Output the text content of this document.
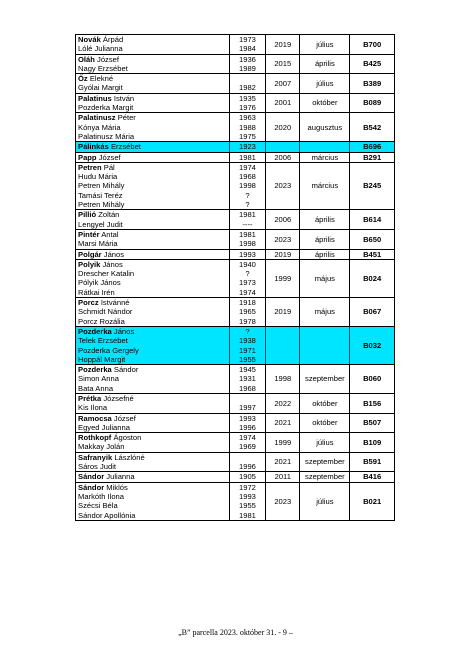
Novák Árpád
Lólé Julianna	1973
1984	2019	július	B700

Oláh József
Nagy Erzsébet	1936
1989	2015	április	B425

Őz Elekné
Gyólai Margit	1982	2007	július	B389

Palatinus István
Pozderka Margit	1935
1976	2001	október	B089

Palatinusz Péter
Kónya Mária
Palatinusz Mária	1963
1988
1975	2020	augusztus	B542

Pálinkás Erzsébet	1923			B696

Papp József	1981	2006	március	B291

Petren Pál
Hudu Mária
Petren Mihály
Tamási Teréz
Petren Mihály	1974
1968
1998
?
?	2023	március	B245

Pillió Zoltán
Lengyel Judit	1981
----	2006	április	B614

Pintér Antal
Marsi Mária	1981
1998	2023	április	B650

Polgár János	1993	2019	április	B451

Polyik János
Drescher Katalin
Pólyik János
Rátkai Irén	1940
?
1973
1974	1999	május	B024

Porcz Istvánné
Schmidt Nándor
Porcz Rozália	1918
1965
1978	2019	május	B067

Pozderka János
Telek Erzsébet
Pozderka Gergely
Hoppál Margit	?
1938
1971
1955			B032

Pozderka Sándor
Simon Anna
Bata Anna	1945
1931
1968	1998	szeptember	B060

Prétka Józsefné
Kis Ilona	1997	2022	október	B156

Ramocsa József
Egyed Julianna	1993
1996	2021	október	B507

Rothkopf Ágoston
Makkay Jolán	1974
1969	1999	július	B109

Safranyik Lászlóné
Sáros Judit	1996	2021	szeptember	B591

Sándor Julianna	1905	2011	szeptember	B416

Sándor Miklós
Markóth Ilona
Szécsi Béla
Sándor Apollónia	1972
1993
1955
1981	2023	július	B021
„B” parcella 2023. október 31. - 9 –
